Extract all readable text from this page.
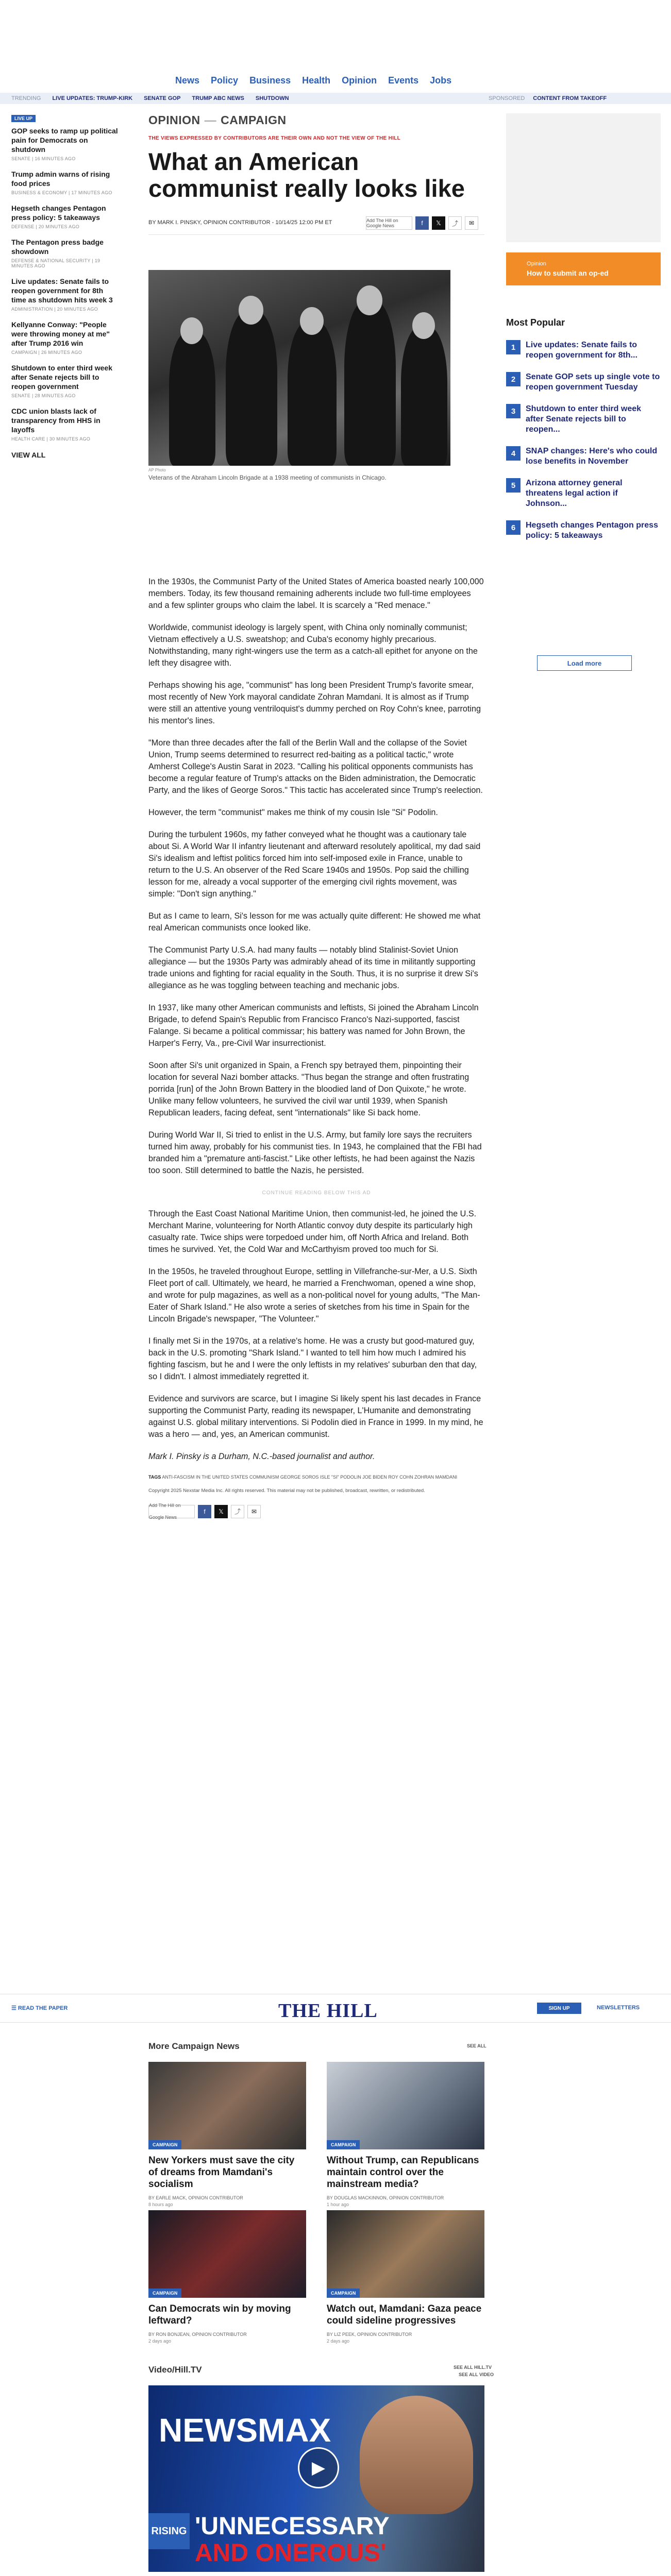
News Policy Business Health Opinion Events Jobs
TRENDING LIVE UPDATES: TRUMP-KIRK SENATE GOP TRUMP ABC NEWS SHUTDOWN	SPONSORED CONTENT FROM TAKEOFF
LIVE UP
GOP seeks to ramp up political pain for Democrats on shutdown
SENATE | 16 MINUTES AGO
Trump admin warns of rising food prices
BUSINESS & ECONOMY | 17 MINUTES AGO
Hegseth changes Pentagon press policy: 5 takeaways
DEFENSE | 20 MINUTES AGO
The Pentagon press badge showdown
DEFENSE & NATIONAL SECURITY | 19 MINUTES AGO
Live updates: Senate fails to reopen government for 8th time as shutdown hits week 3
ADMINISTRATION | 20 MINUTES AGO
Kellyanne Conway: "People were throwing money at me" after Trump 2016 win
CAMPAIGN | 26 MINUTES AGO
Shutdown to enter third week after Senate rejects bill to reopen government
SENATE | 28 MINUTES AGO
CDC union blasts lack of transparency from HHS in layoffs
HEALTH CARE | 30 MINUTES AGO
VIEW ALL
OPINION — CAMPAIGN
THE VIEWS EXPRESSED BY CONTRIBUTORS ARE THEIR OWN AND NOT THE VIEW OF THE HILL
What an American communist really looks like
BY MARK I. PINSKY, OPINION CONTRIBUTOR - 10/14/25 12:00 PM ET	Add The Hill on Google News	f	𝕏	⤴	✉
AP Photo
Veterans of the Abraham Lincoln Brigade at a 1938 meeting of communists in Chicago.

In the 1930s, the Communist Party of the United States of America boasted nearly 100,000 members. Today, its few thousand remaining adherents include two full-time employees and a few splinter groups who claim the label. It is scarcely a "Red menace."

Worldwide, communist ideology is largely spent, with China only nominally communist; Vietnam effectively a U.S. sweatshop; and Cuba's economy highly precarious. Notwithstanding, many right-wingers use the term as a catch-all epithet for anyone on the left they disagree with.

Perhaps showing his age, "communist" has long been President Trump's favorite smear, most recently of New York mayoral candidate Zohran Mamdani. It is almost as if Trump were still an attentive young ventriloquist's dummy perched on Roy Cohn's knee, parroting his mentor's lines.

"More than three decades after the fall of the Berlin Wall and the collapse of the Soviet Union, Trump seems determined to resurrect red-baiting as a political tactic," wrote Amherst College's Austin Sarat in 2023. "Calling his political opponents communists has become a regular feature of Trump's attacks on the Biden administration, the Democratic Party, and the likes of George Soros." This tactic has accelerated since Trump's reelection.

However, the term "communist" makes me think of my cousin Isle "Si" Podolin.

During the turbulent 1960s, my father conveyed what he thought was a cautionary tale about Si. A World War II infantry lieutenant and afterward resolutely apolitical, my dad said Si's idealism and leftist politics forced him into self-imposed exile in France, unable to return to the U.S. An observer of the Red Scare 1940s and 1950s. Pop said the chilling lesson for me, already a vocal supporter of the emerging civil rights movement, was simple: "Don't sign anything."

But as I came to learn, Si's lesson for me was actually quite different: He showed me what real American communists once looked like.

The Communist Party U.S.A. had many faults — notably blind Stalinist-Soviet Union allegiance — but the 1930s Party was admirably ahead of its time in militantly supporting trade unions and fighting for racial equality in the South. Thus, it is no surprise it drew Si's allegiance as he was toggling between teaching and mechanic jobs.

In 1937, like many other American communists and leftists, Si joined the Abraham Lincoln Brigade, to defend Spain's Republic from Francisco Franco's Nazi-supported, fascist Falange. Si became a political commissar; his battery was named for John Brown, the Harper's Ferry, Va., pre-Civil War insurrectionist.

Soon after Si's unit organized in Spain, a French spy betrayed them, pinpointing their location for several Nazi bomber attacks. "Thus began the strange and often frustrating porrida [run] of the John Brown Battery in the bloodied land of Don Quixote," he wrote. Unlike many fellow volunteers, he survived the civil war until 1939, when Spanish Republican leaders, facing defeat, sent "internationals" like Si back home.

During World War II, Si tried to enlist in the U.S. Army, but family lore says the recruiters turned him away, probably for his communist ties. In 1943, he complained that the FBI had branded him a "premature anti-fascist." Like other leftists, he had been against the Nazis too soon. Still determined to battle the Nazis, he persisted.

CONTINUE READING BELOW THIS AD

Through the East Coast National Maritime Union, then communist-led, he joined the U.S. Merchant Marine, volunteering for North Atlantic convoy duty despite its particularly high casualty rate. Twice ships were torpedoed under him, off North Africa and Ireland. Both times he survived. Yet, the Cold War and McCarthyism proved too much for Si.

In the 1950s, he traveled throughout Europe, settling in Villefranche-sur-Mer, a U.S. Sixth Fleet port of call. Ultimately, we heard, he married a Frenchwoman, opened a wine shop, and wrote for pulp magazines, as well as a non-political novel for young adults, "The Man-Eater of Shark Island." He also wrote a series of sketches from his time in Spain for the Lincoln Brigade's newspaper, "The Volunteer."

I finally met Si in the 1970s, at a relative's home. He was a crusty but good-matured guy, back in the U.S. promoting "Shark Island." I wanted to tell him how much I admired his fighting fascism, but he and I were the only leftists in my relatives' suburban den that day, so I didn't. I almost immediately regretted it.

Evidence and survivors are scarce, but I imagine Si likely spent his last decades in France supporting the Communist Party, reading its newspaper, L'Humanite and demonstrating against U.S. global military interventions. Si Podolin died in France in 1999. In my mind, he was a hero — and, yes, an American communist.

Mark I. Pinsky is a Durham, N.C.-based journalist and author.

TAGS ANTI-FASCISM IN THE UNITED STATES COMMUNISM GEORGE SOROS ISLE "SI" PODOLIN JOE BIDEN ROY COHN ZOHRAN MAMDANI
Copyright 2025 Nexstar Media Inc. All rights reserved. This material may not be published, broadcast, rewritten, or redistributed.
Add The Hill on Google News
f	𝕏	⤴	✉
Opinion
How to submit an op-ed
Most Popular
1	Live updates: Senate fails to reopen government for 8th...
2	Senate GOP sets up single vote to reopen government Tuesday
3	Shutdown to enter third week after Senate rejects bill to reopen...
4	SNAP changes: Here's who could lose benefits in November
5	Arizona attorney general threatens legal action if Johnson...
6	Hegseth changes Pentagon press policy: 5 takeaways
Load more
☰ READ THE PAPER	THE HILL	SIGN UP	NEWSLETTERS
More Campaign News	SEE ALL
CAMPAIGN
New Yorkers must save the city of dreams from Mamdani's socialism
BY EARLE MACK, OPINION CONTRIBUTOR
8 hours ago
CAMPAIGN
Without Trump, can Republicans maintain control over the mainstream media?
BY DOUGLAS MACKINNON, OPINION CONTRIBUTOR
1 hour ago
CAMPAIGN
Can Democrats win by moving leftward?
BY RON BONJEAN, OPINION CONTRIBUTOR
2 days ago
CAMPAIGN
Watch out, Mamdani: Gaza peace could sideline progressives
BY LIZ PEEK, OPINION CONTRIBUTOR
2 days ago
Video/Hill.TV	SEE ALL HILL.TV
SEE ALL VIDEO
NEWSMAX
▶
RISING 'UNNECESSARY
AND ONEROUS'
